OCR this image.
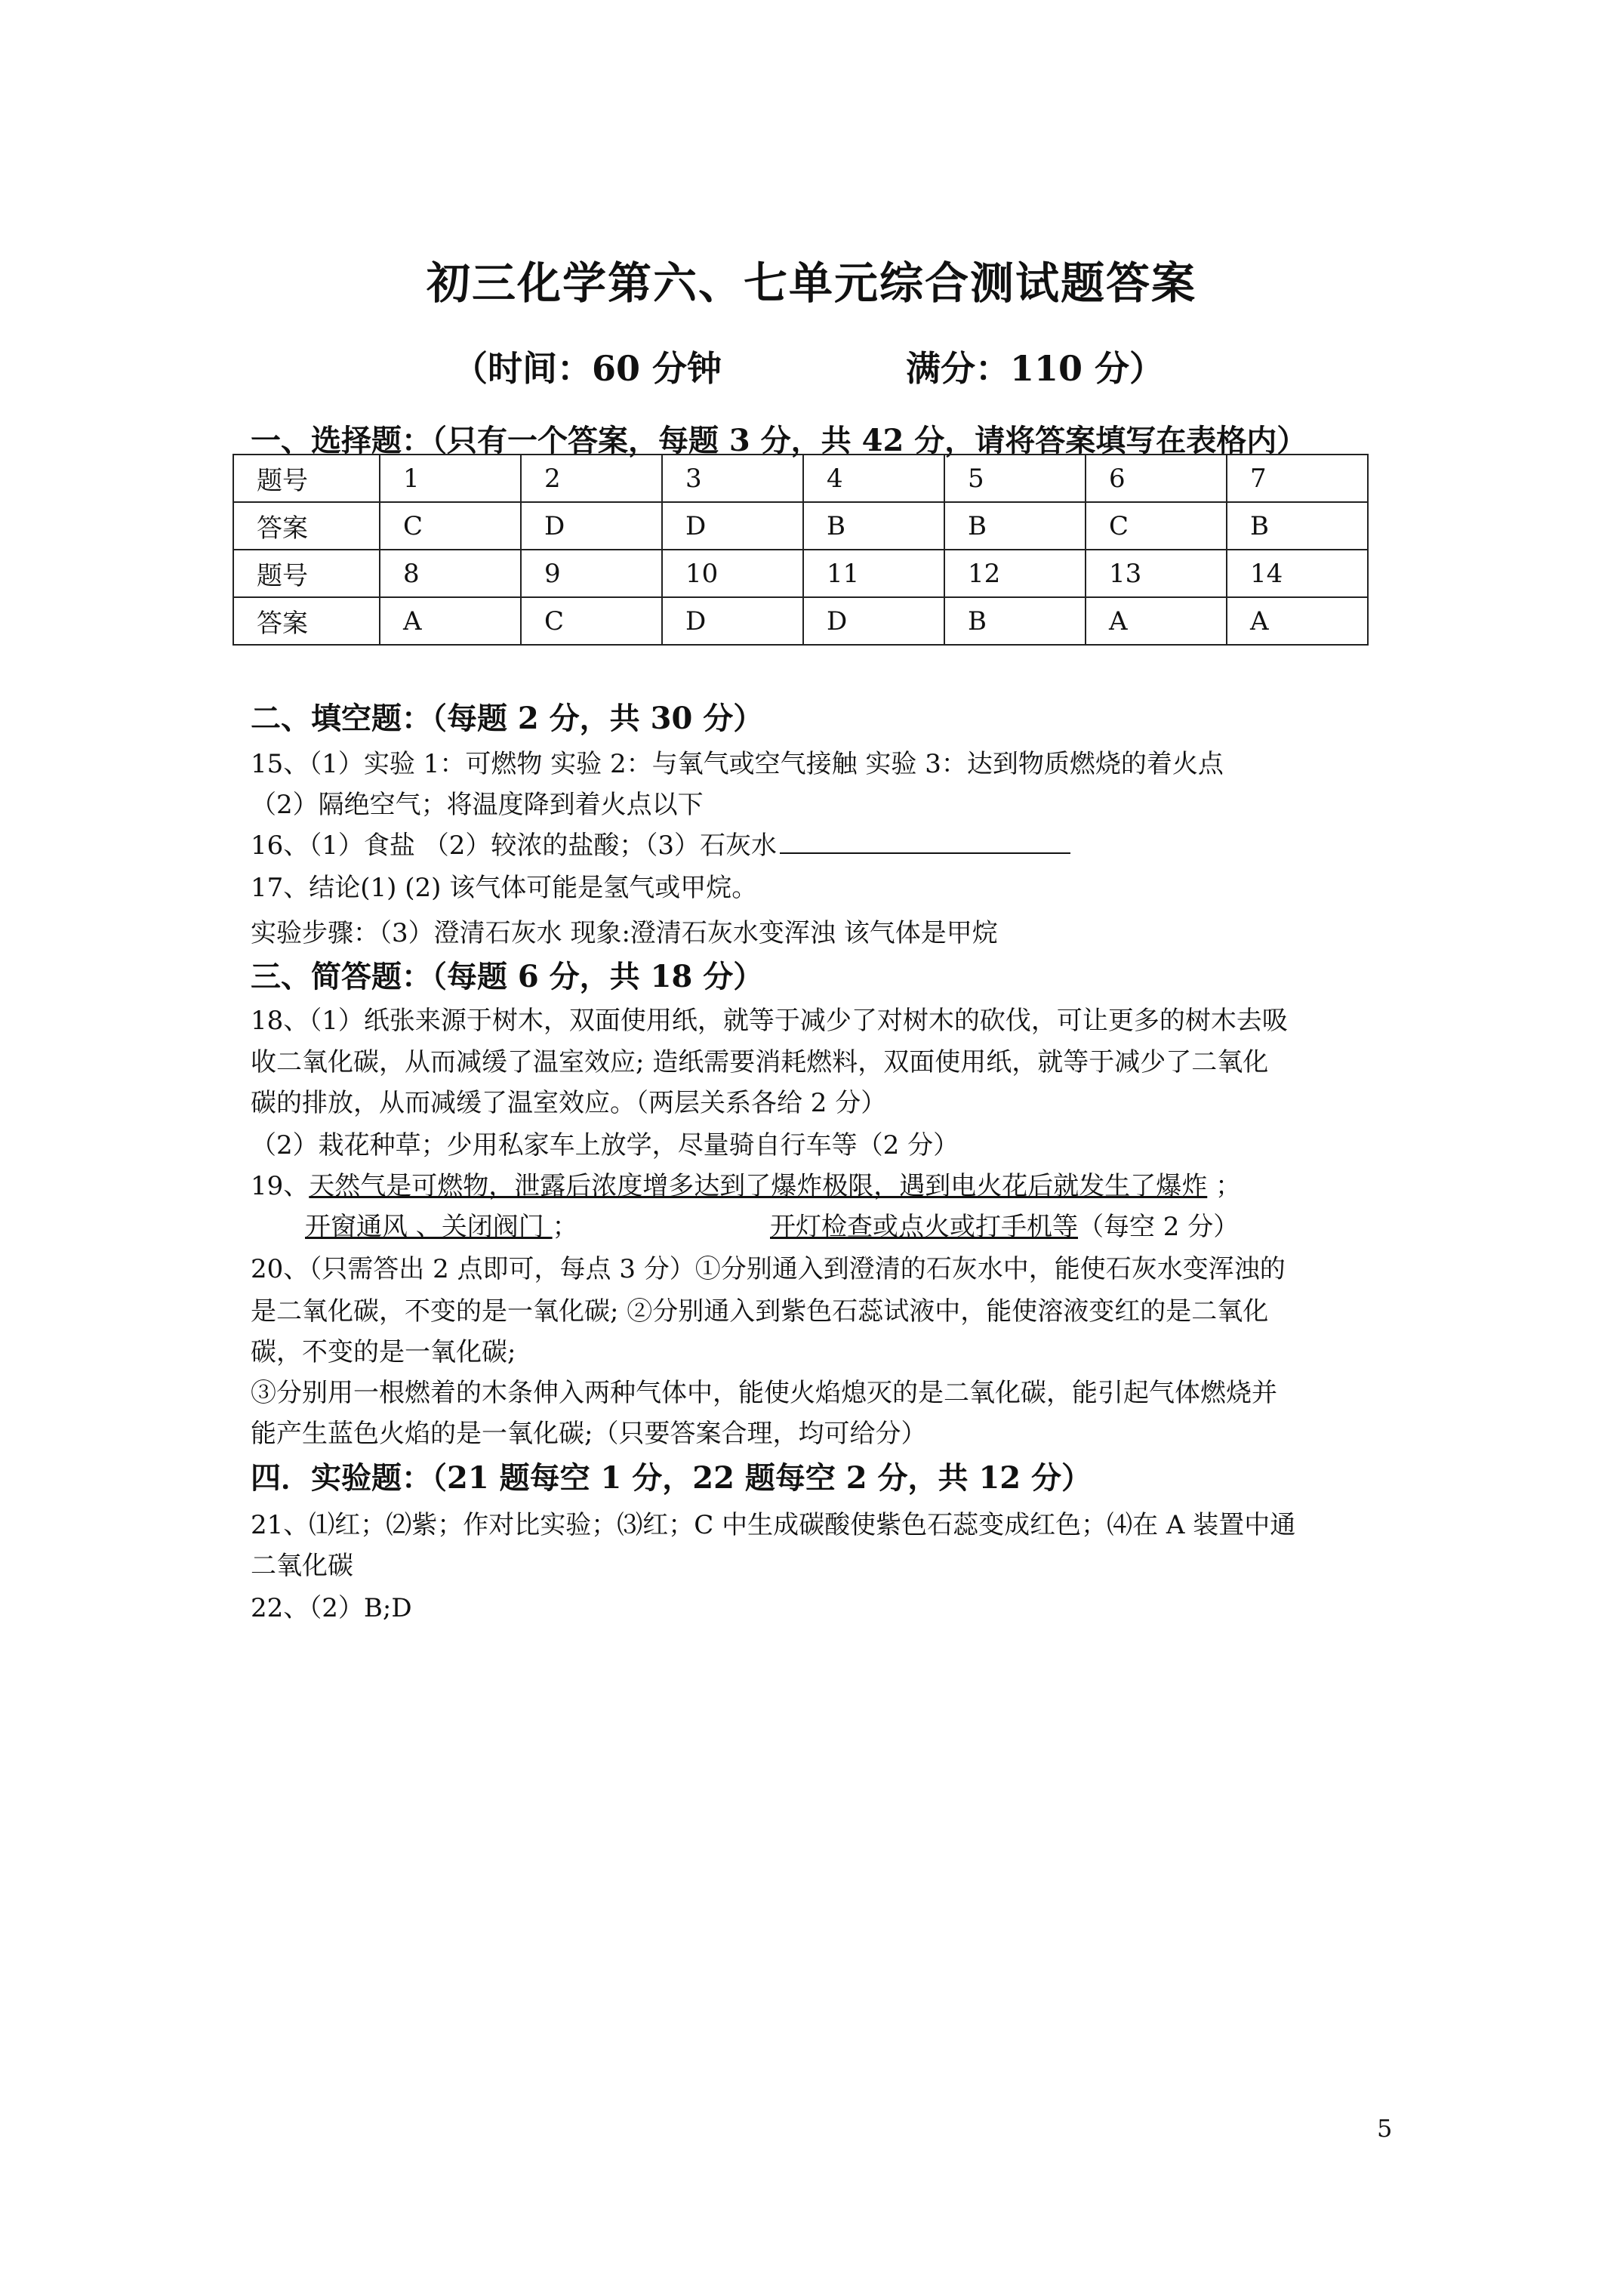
初三化学第六、七单元综合测试题答案
（时间：60 分钟	满分：110 分）
一、选择题：（只有一个答案，每题 3 分，共 42 分，请将答案填写在表格内）
题号	1	2	3	4	5	6	7
答案	C	D	D	B	B	C	B
题号	8	9	10	11	12	13	14
答案	A	C	D	D	B	A	A
二、填空题：（每题 2 分，共 30 分）
15、（1）实验 1：可燃物 实验 2：与氧气或空气接触 实验 3：达到物质燃烧的着火点
（2）隔绝空气；将温度降到着火点以下
16、（1）食盐 （2）较浓的盐酸；（3）石灰水
17、结论(1) (2) 该气体可能是氢气或甲烷。
实验步骤：（3）澄清石灰水 现象:澄清石灰水变浑浊 该气体是甲烷
三、简答题：（每题 6 分，共 18 分）
18、（1）纸张来源于树木，双面使用纸，就等于减少了对树木的砍伐，可让更多的树木去吸
收二氧化碳，从而减缓了温室效应; 造纸需要消耗燃料，双面使用纸，就等于减少了二氧化
碳的排放，从而减缓了温室效应。（两层关系各给 2 分）
（2）栽花种草；少用私家车上放学，尽量骑自行车等（2 分）
19、天然气是可燃物，泄露后浓度增多达到了爆炸极限，遇到电火花后就发生了爆炸 ；
开窗通风 、关闭阀门 ；	开灯检查或点火或打手机等（每空 2 分）
20、（只需答出 2 点即可，每点 3 分）①分别通入到澄清的石灰水中，能使石灰水变浑浊的
是二氧化碳，不变的是一氧化碳; ②分别通入到紫色石蕊试液中，能使溶液变红的是二氧化
碳，不变的是一氧化碳;
③分别用一根燃着的木条伸入两种气体中，能使火焰熄灭的是二氧化碳，能引起气体燃烧并
能产生蓝色火焰的是一氧化碳;（只要答案合理，均可给分）
四．实验题：（21 题每空 1 分，22 题每空 2 分，共 12 分）
21、⑴红；⑵紫；作对比实验；⑶红；C 中生成碳酸使紫色石蕊变成红色；⑷在 A 装置中通
二氧化碳
22、（2）B;D
5
